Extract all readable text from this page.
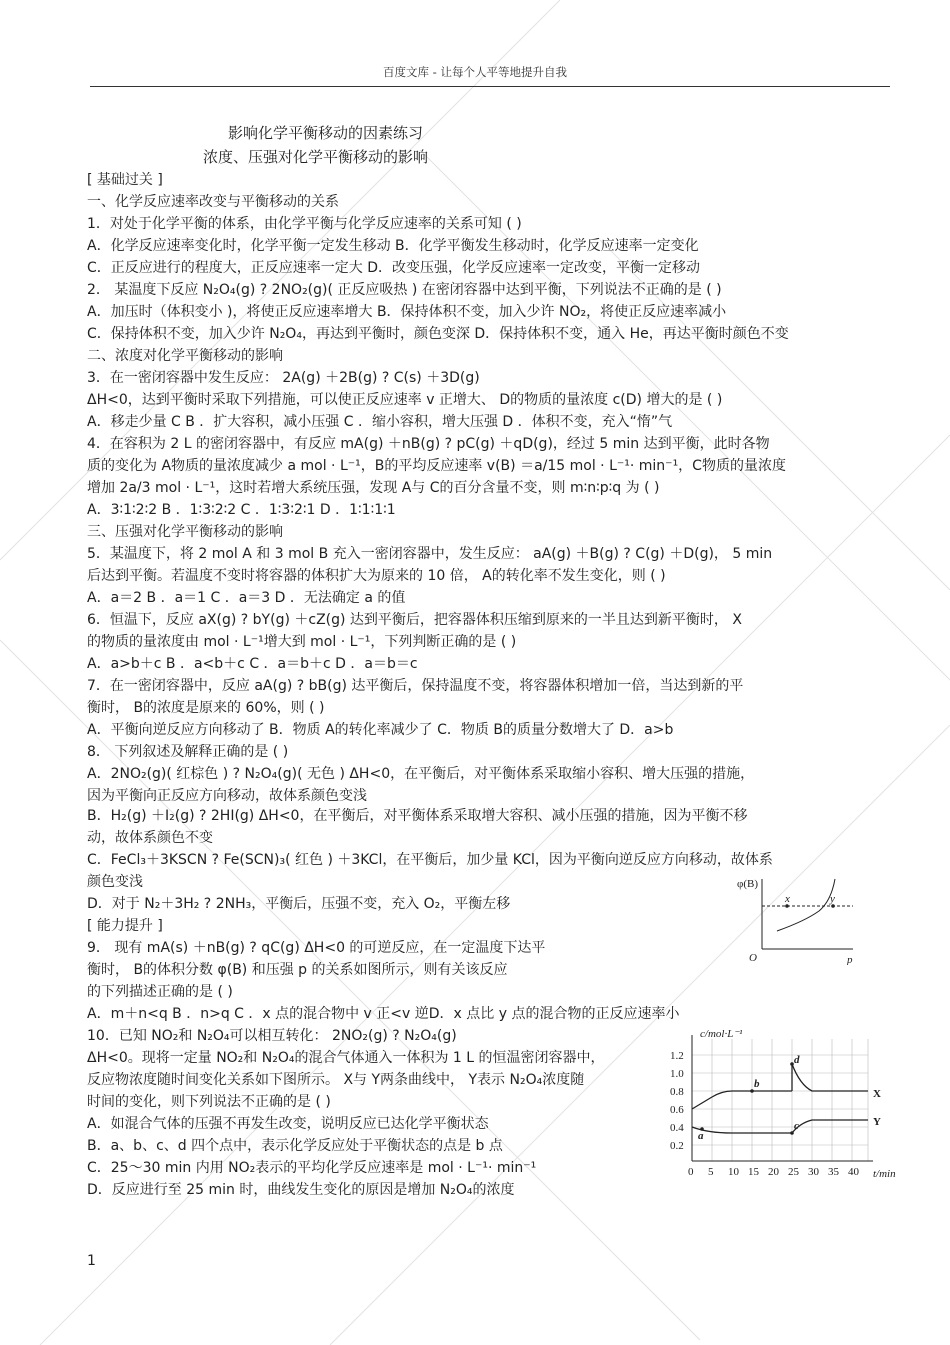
百度文库 - 让每个人平等地提升自我
影响化学平衡移动的因素练习
浓度、压强对化学平衡移动的影响
[ 基础过关 ]
一、化学反应速率改变与平衡移动的关系
1．对处于化学平衡的体系，由化学平衡与化学反应速率的关系可知 ( )
A．化学反应速率变化时，化学平衡一定发生移动 B．化学平衡发生移动时，化学反应速率一定变化
C．正反应进行的程度大，正反应速率一定大 D．改变压强，化学反应速率一定改变，平衡一定移动
2． 某温度下反应 N₂O₄(g) ? 2NO₂(g)( 正反应吸热 ) 在密闭容器中达到平衡，下列说法不正确的是 ( )
A．加压时（体积变小 )，将使正反应速率增大 B．保持体积不变，加入少许 NO₂，将使正反应速率减小
C．保持体积不变，加入少许 N₂O₄，再达到平衡时，颜色变深 D．保持体积不变，通入 He，再达平衡时颜色不变
二、浓度对化学平衡移动的影响
3．在一密闭容器中发生反应： 2A(g) ＋2B(g) ? C(s) ＋3D(g)
ΔH<0，达到平衡时采取下列措施，可以使正反应速率 v 正增大、 D的物质的量浓度 c(D) 增大的是 ( )
A．移走少量 C B ．扩大容积，减小压强 C ．缩小容积，增大压强 D ．体积不变，充入“惰”气
4．在容积为 2 L 的密闭容器中，有反应 mA(g) ＋nB(g) ? pC(g) ＋qD(g)，经过 5 min 达到平衡，此时各物
质的变化为 A物质的量浓度减少 a mol · L⁻¹，B的平均反应速率 v(B) ＝a/15 mol · L⁻¹· min⁻¹，C物质的量浓度
增加 2a/3 mol · L⁻¹，这时若增大系统压强，发现 A与 C的百分含量不变，则 m∶n∶p∶q 为 ( )
A．3∶1∶2∶2 B ．1∶3∶2∶2 C ．1∶3∶2∶1 D ．1∶1∶1∶1
三、压强对化学平衡移动的影响
5．某温度下，将 2 mol A 和 3 mol B 充入一密闭容器中，发生反应： aA(g) ＋B(g) ? C(g) ＋D(g)， 5 min
后达到平衡。若温度不变时将容器的体积扩大为原来的 10 倍， A的转化率不发生变化，则 ( )
A．a＝2 B ．a＝1 C ．a＝3 D ．无法确定 a 的值
6．恒温下，反应 aX(g) ? bY(g) ＋cZ(g) 达到平衡后，把容器体积压缩到原来的一半且达到新平衡时， X
的物质的量浓度由 mol · L⁻¹增大到 mol · L⁻¹，下列判断正确的是 ( )
A．a>b＋c B ．a<b＋c C ．a＝b＋c D ．a＝b＝c
7．在一密闭容器中，反应 aA(g) ? bB(g) 达平衡后，保持温度不变，将容器体积增加一倍，当达到新的平
衡时， B的浓度是原来的 60%，则 ( )
A．平衡向逆反应方向移动了 B．物质 A的转化率减少了 C．物质 B的质量分数增大了 D．a>b
8． 下列叙述及解释正确的是 ( )
A．2NO₂(g)( 红棕色 ) ? N₂O₄(g)( 无色 ) ΔH<0，在平衡后，对平衡体系采取缩小容积、增大压强的措施，
因为平衡向正反应方向移动，故体系颜色变浅
B．H₂(g) ＋I₂(g) ? 2HI(g) ΔH<0，在平衡后，对平衡体系采取增大容积、减小压强的措施，因为平衡不移
动，故体系颜色不变
C．FeCl₃＋3KSCN ? Fe(SCN)₃( 红色 ) ＋3KCl，在平衡后，加少量 KCl，因为平衡向逆反应方向移动，故体系
颜色变浅
D．对于 N₂＋3H₂ ? 2NH₃，平衡后，压强不变，充入 O₂，平衡左移
[ 能力提升 ]
9． 现有 mA(s) ＋nB(g) ? qC(g) ΔH<0 的可逆反应，在一定温度下达平
衡时， B的体积分数 φ(B) 和压强 p 的关系如图所示，则有关该反应
的下列描述正确的是 ( )
A．m＋n<q B ．n>q C ．x 点的混合物中 v 正<v 逆D．x 点比 y 点的混合物的正反应速率小
10．已知 NO₂和 N₂O₄可以相互转化： 2NO₂(g) ? N₂O₄(g)
ΔH<0。现将一定量 NO₂和 N₂O₄的混合气体通入一体积为 1 L 的恒温密闭容器中，
反应物浓度随时间变化关系如下图所示。 X与 Y两条曲线中， Y表示 N₂O₄浓度随
时间的变化，则下列说法不正确的是 ( )
A．如混合气体的压强不再发生改变，说明反应已达化学平衡状态
B．a、b、c、d 四个点中，表示化学反应处于平衡状态的点是 b 点
C．25～30 min 内用 NO₂表示的平均化学反应速率是 mol · L⁻¹· min⁻¹
D．反应进行至 25 min 时，曲线发生变化的原因是增加 N₂O₄的浓度
1
φ(B)
p
O
x	y
c/mol·L⁻¹
t/min
1.2
1.0
0.8
0.6
0.4
0.2
0 5 10 15 20 25 30 35 40
a
b
c
d
X
Y
